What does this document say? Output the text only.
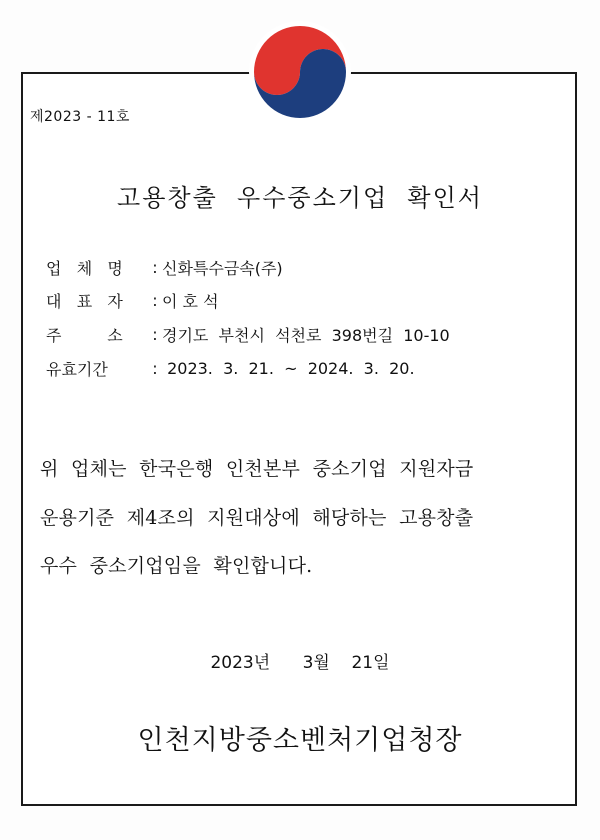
제2023 - 11호
고용창출  우수중소기업  확인서
업   체   명	: 신화특수금속(주)
대   표   자	: 이 호 석
주         소	: 경기도  부천시  석천로  398번길  10-10
유효기간	: 2023.  3.  21.  ~  2024.  3.  20.
위  업체는  한국은행  인천본부  중소기업  지원자금
운용기준  제4조의  지원대상에  해당하는  고용창출
우수  중소기업임을  확인합니다.
2023년      3월    21일
인천지방중소벤처기업청장
